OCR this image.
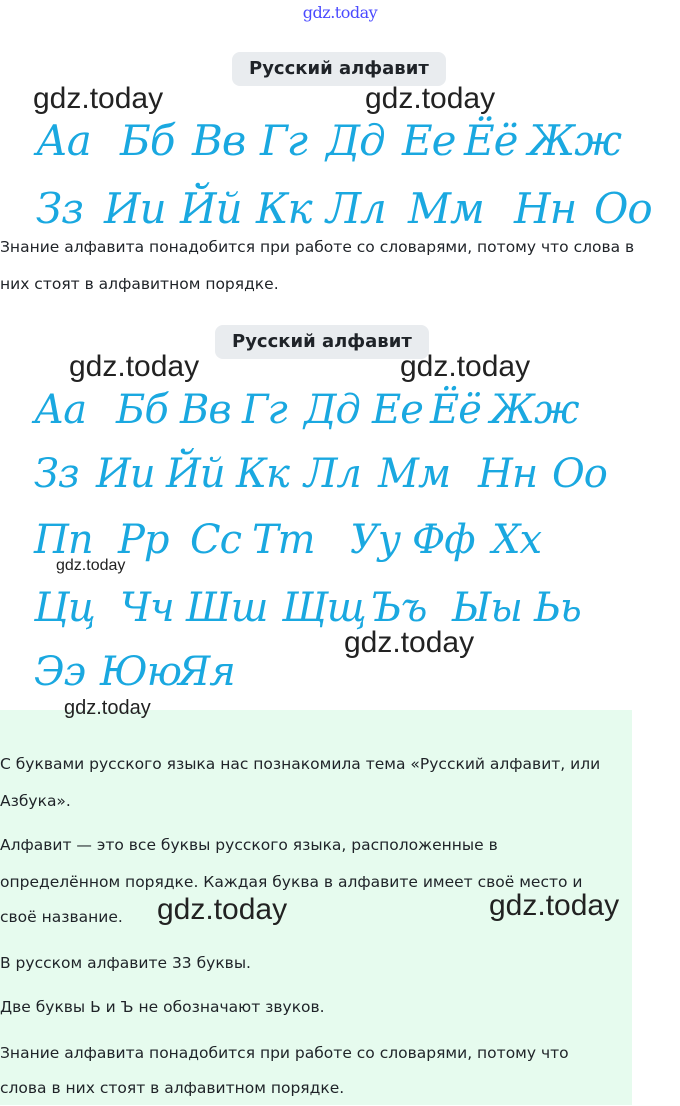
gdz.today
Русский алфавит
gdz.today	gdz.today
Аа Бб Вв Гг Дд Ее Ёё Жж
Зз Ии Йй Кк Лл Мм Нн Оо
Знание алфавита понадобится при работе со словарями, потому что слова в
них стоят в алфавитном порядке.
Русский алфавит
gdz.today	gdz.today
Аа Бб Вв Гг Дд Ее Ёё Жж
Зз Ии Йй Кк Лл Мм Нн Оо
Пп Рр Сс Тт Уу Фф Хх
Цц Чч Шш Щщ Ъъ Ыы Ьь
Ээ Юю
Яя
gdz.today
gdz.today
С буквами русского языка нас познакомила тема «Русский алфавит, или
Азбука».
Алфавит — это все буквы русского языка, расположенные в
определённом порядке. Каждая буква в алфавите имеет своё место и
своё название.
В русском алфавите 33 буквы.
Две буквы Ь и Ъ не обозначают звуков.
Знание алфавита понадобится при работе со словарями, потому что
слова в них стоят в алфавитном порядке.
gdz.today
gdz.today	gdz.today
